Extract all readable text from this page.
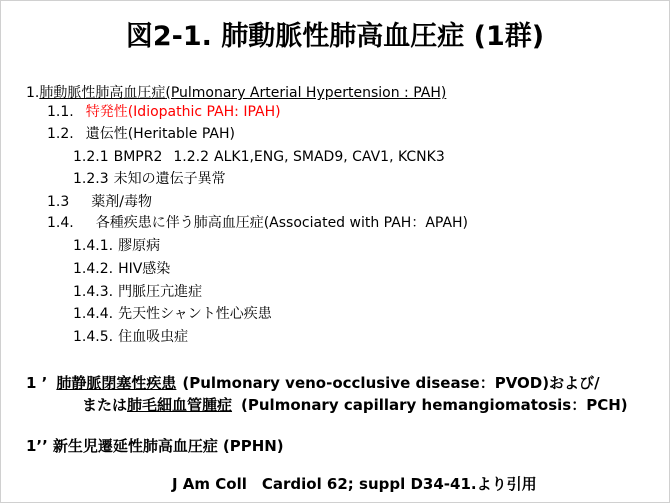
図2-1. 肺動脈性肺高血圧症 (1群)
1.肺動脈性肺高血圧症(Pulmonary Arterial Hypertension : PAH)
1.1. 特発性(Idiopathic PAH: IPAH)
1.2. 遺伝性(Heritable PAH)
1.2.1 BMPR2 1.2.2 ALK1,ENG, SMAD9, CAV1, KCNK3
1.2.3 未知の遺伝子異常
1.3 薬剤/毒物
1.4. 各種疾患に伴う肺高血圧症(Associated with PAH：APAH)
1.4.1. 膠原病
1.4.2. HIV感染
1.4.3. 門脈圧亢進症
1.4.4. 先天性シャント性心疾患
1.4.5. 住血吸虫症
1 ’ 肺静脈閉塞性疾患 (Pulmonary veno-occlusive disease：PVOD)および/
または肺毛細血管腫症 (Pulmonary capillary hemangiomatosis：PCH)
1’’ 新生児遷延性肺高血圧症 (PPHN)
J Am Coll　Cardiol 62; suppl D34-41.より引用
